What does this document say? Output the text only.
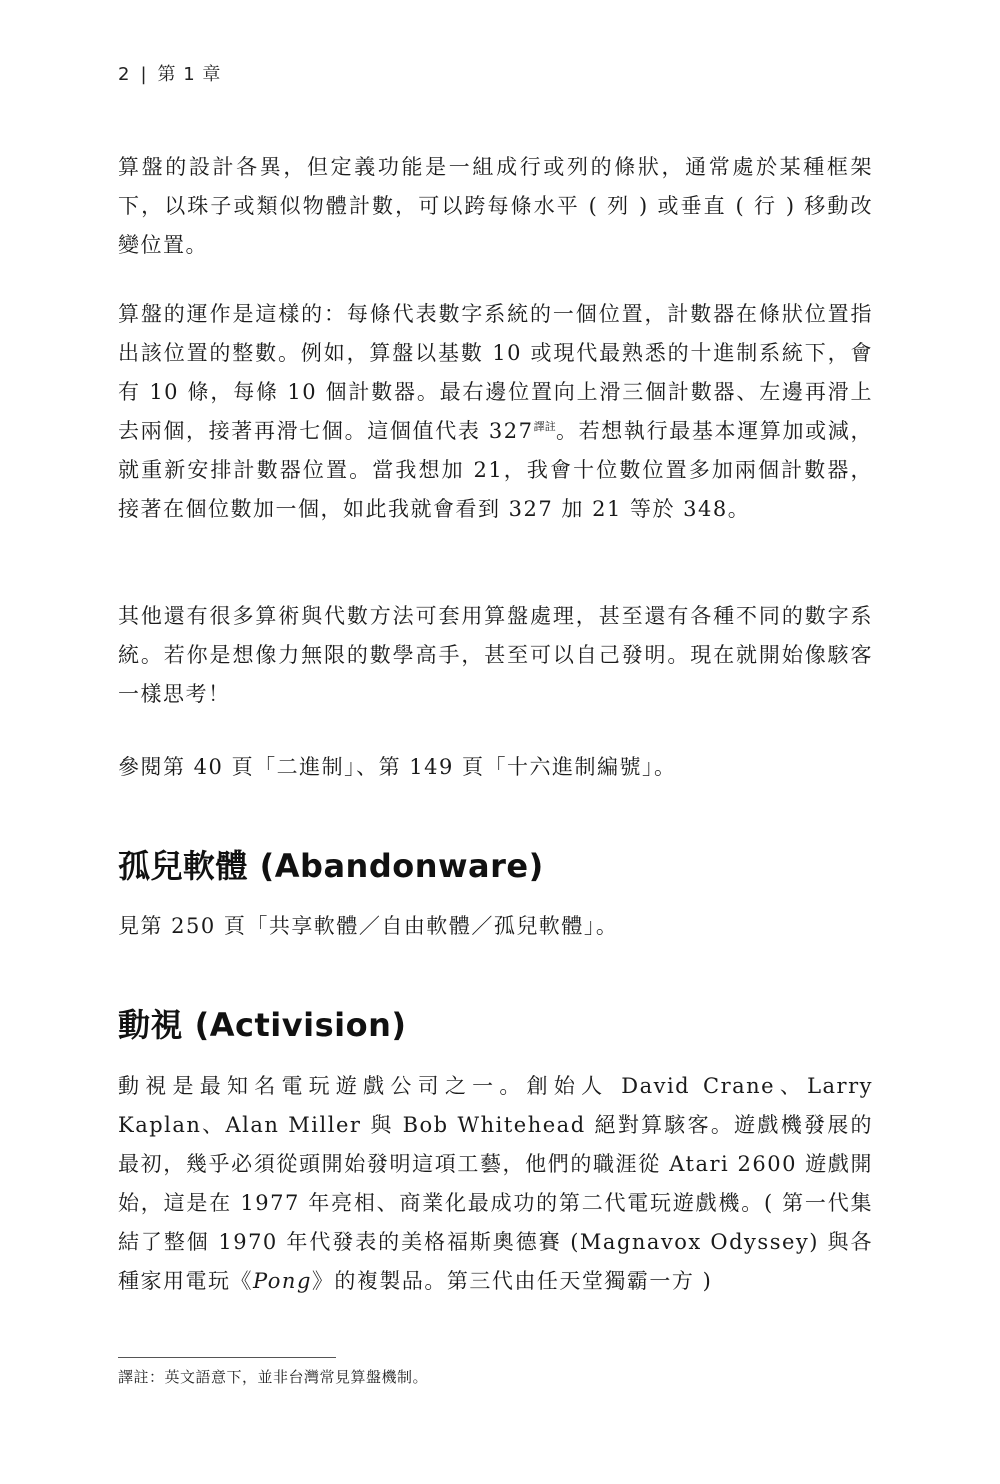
2 | 第 1 章

算盤的設計各異，但定義功能是一組成行或列的條狀，通常處於某種框架下，以珠子或類似物體計數，可以跨每條水平 ( 列 ) 或垂直 ( 行 ) 移動改變位置。

算盤的運作是這樣的：每條代表數字系統的一個位置，計數器在條狀位置指出該位置的整數。例如，算盤以基數 10 或現代最熟悉的十進制系統下，會有 10 條，每條 10 個計數器。最右邊位置向上滑三個計數器、左邊再滑上去兩個，接著再滑七個。這個值代表 $327^{譯註}$。若想執行最基本運算加或減，就重新安排計數器位置。當我想加 21，我會十位數位置多加兩個計數器，接著在個位數加一個，如此我就會看到 327 加 21 等於 348。

其他還有很多算術與代數方法可套用算盤處理，甚至還有各種不同的數字系統。若你是想像力無限的數學高手，甚至可以自己發明。現在就開始像駭客一樣思考！

參閱第 40 頁「二進制」、第 149 頁「十六進制編號」。

孤兒軟體 (Abandonware)

見第 250 頁「共享軟體／自由軟體／孤兒軟體」。

動視 (Activision)

動視是最知名電玩遊戲公司之一。創始人 David Crane、Larry Kaplan、Alan Miller 與 Bob Whitehead 絕對算駭客。遊戲機發展的最初，幾乎必須從頭開始發明這項工藝，他們的職涯從 Atari 2600 遊戲開始，這是在 1977 年亮相、商業化最成功的第二代電玩遊戲機。( 第一代集結了整個 1970 年代發表的美格福斯奧德賽 (Magnavox Odyssey) 與各種家用電玩《Pong》的複製品。第三代由任天堂獨霸一方 )

譯註：英文語意下，並非台灣常見算盤機制。
